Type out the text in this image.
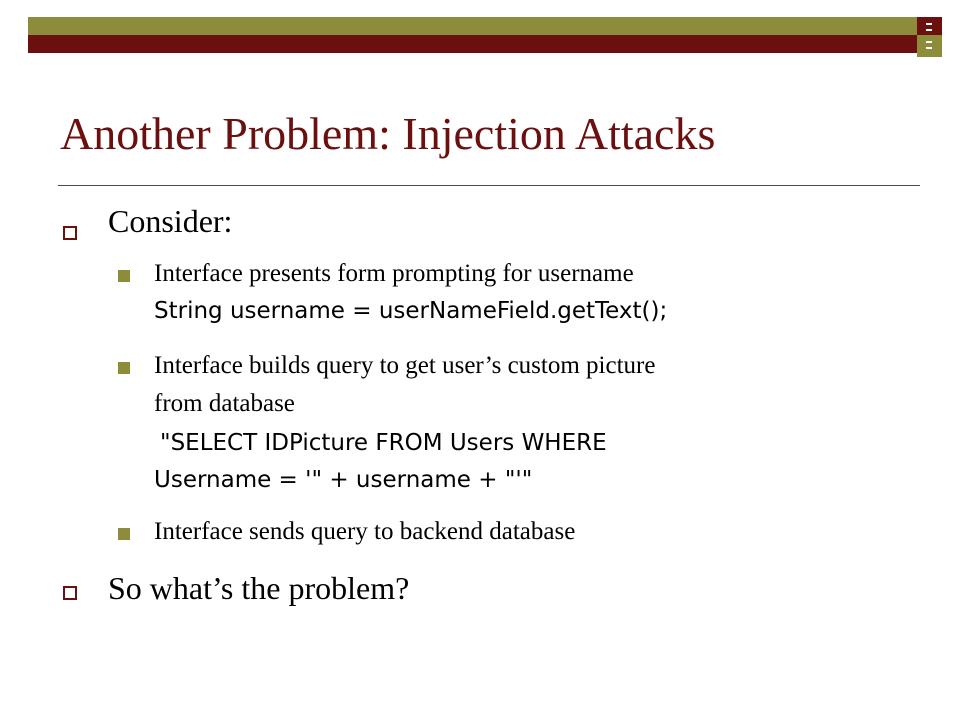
Another Problem: Injection Attacks
Consider:
Interface presents form prompting for username
String username = userNameField.getText();
Interface builds query to get user’s custom picture
from database
"SELECT IDPicture FROM Users WHERE
Username = '" + username + "'"
Interface sends query to backend database
So what’s the problem?
